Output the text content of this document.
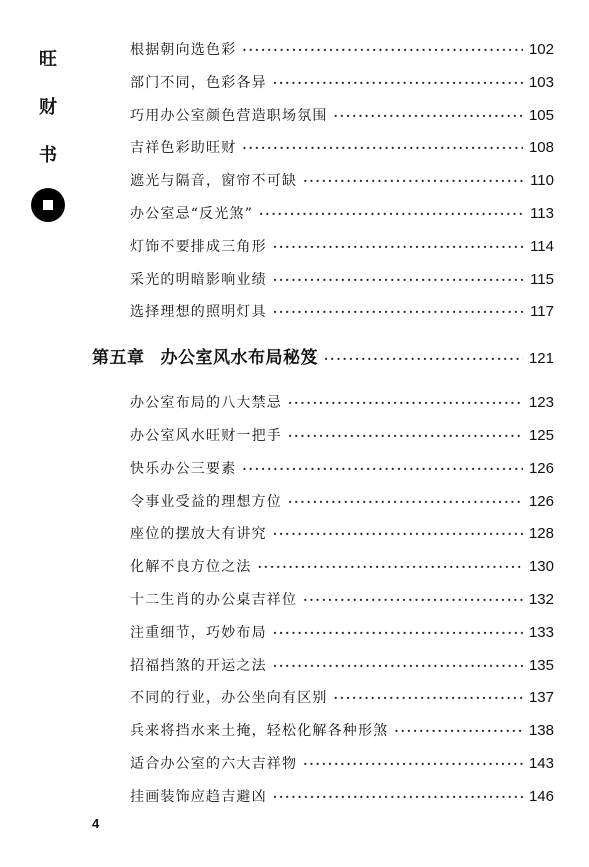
旺
财
书
根据朝向选色彩 ·····	102
部门不同，色彩各异 ·····	103
巧用办公室颜色营造职场氛围 ·····	105
吉祥色彩助旺财 ·····	108
遮光与隔音，窗帘不可缺 ·····	110
办公室忌“反光煞” ·····	113
灯饰不要排成三角形 ·····	114
采光的明暗影响业绩 ·····	115
选择理想的照明灯具 ·····	117
第五章 办公室风水布局秘笈 ·····	121
办公室布局的八大禁忌 ·····	123
办公室风水旺财一把手 ·····	125
快乐办公三要素 ·····	126
令事业受益的理想方位 ·····	126
座位的摆放大有讲究 ·····	128
化解不良方位之法 ·····	130
十二生肖的办公桌吉祥位 ·····	132
注重细节，巧妙布局 ·····	133
招福挡煞的开运之法 ·····	135
不同的行业，办公坐向有区别 ·····	137
兵来将挡水来土掩，轻松化解各种形煞 ·····	138
适合办公室的六大吉祥物 ·····	143
挂画装饰应趋吉避凶 ·····	146
4
